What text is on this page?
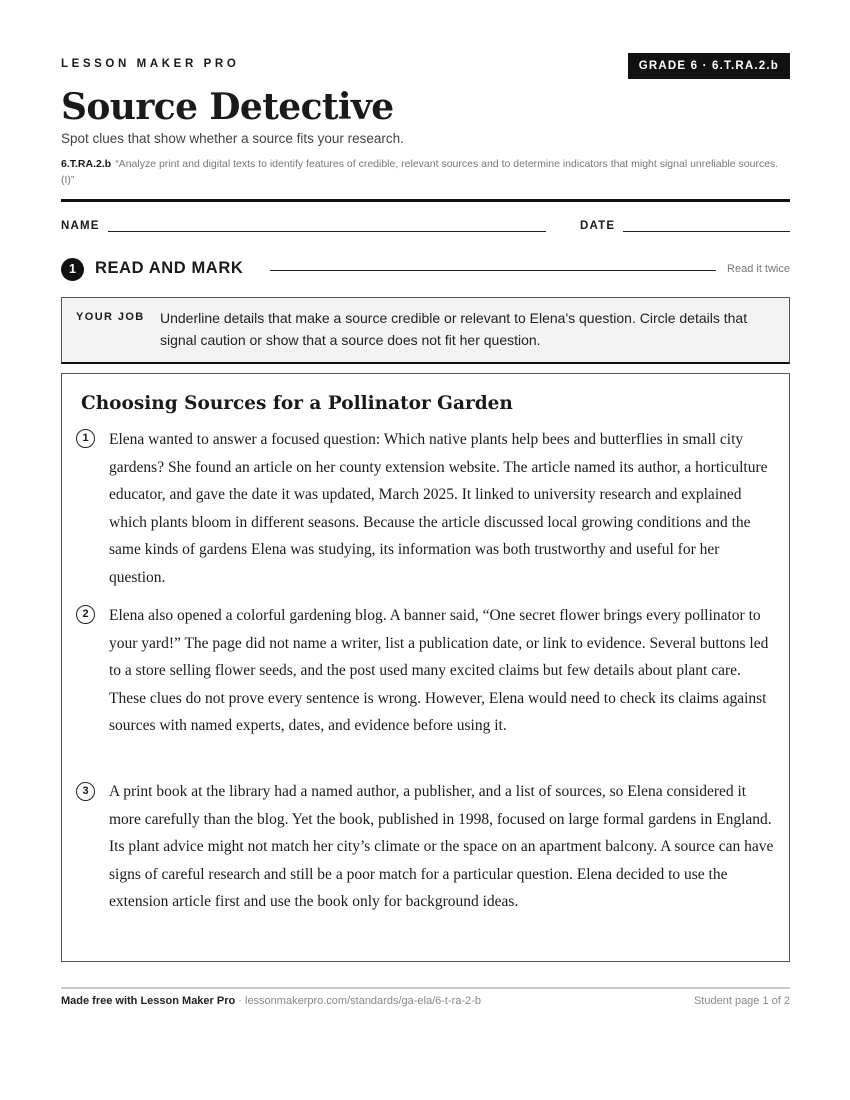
LESSON MAKER PRO	GRADE 6 · 6.T.RA.2.b
Source Detective
Spot clues that show whether a source fits your research.
6.T.RA.2.b “Analyze print and digital texts to identify features of credible, relevant sources and to determine indicators that might signal unreliable sources. (I)”
NAME	DATE
1	READ AND MARK	Read it twice
YOUR JOB Underline details that make a source credible or relevant to Elena's question. Circle details that signal caution or show that a source does not fit her question.
Choosing Sources for a Pollinator Garden
1	Elena wanted to answer a focused question: Which native plants help bees and butterflies in small city gardens? She found an article on her county extension website. The article named its author, a horticulture educator, and gave the date it was updated, March 2025. It linked to university research and explained which plants bloom in different seasons. Because the article discussed local growing conditions and the same kinds of gardens Elena was studying, its information was both trustworthy and useful for her question.
2	Elena also opened a colorful gardening blog. A banner said, “One secret flower brings every pollinator to your yard!” The page did not name a writer, list a publication date, or link to evidence. Several buttons led to a store selling flower seeds, and the post used many excited claims but few details about plant care. These clues do not prove every sentence is wrong. However, Elena would need to check its claims against sources with named experts, dates, and evidence before using it.
3	A print book at the library had a named author, a publisher, and a list of sources, so Elena considered it more carefully than the blog. Yet the book, published in 1998, focused on large formal gardens in England. Its plant advice might not match her city’s climate or the space on an apartment balcony. A source can have signs of careful research and still be a poor match for a particular question. Elena decided to use the extension article first and use the book only for background ideas.
Made free with Lesson Maker Pro · lessonmakerpro.com/standards/ga-ela/6-t-ra-2-b	Student page 1 of 2
